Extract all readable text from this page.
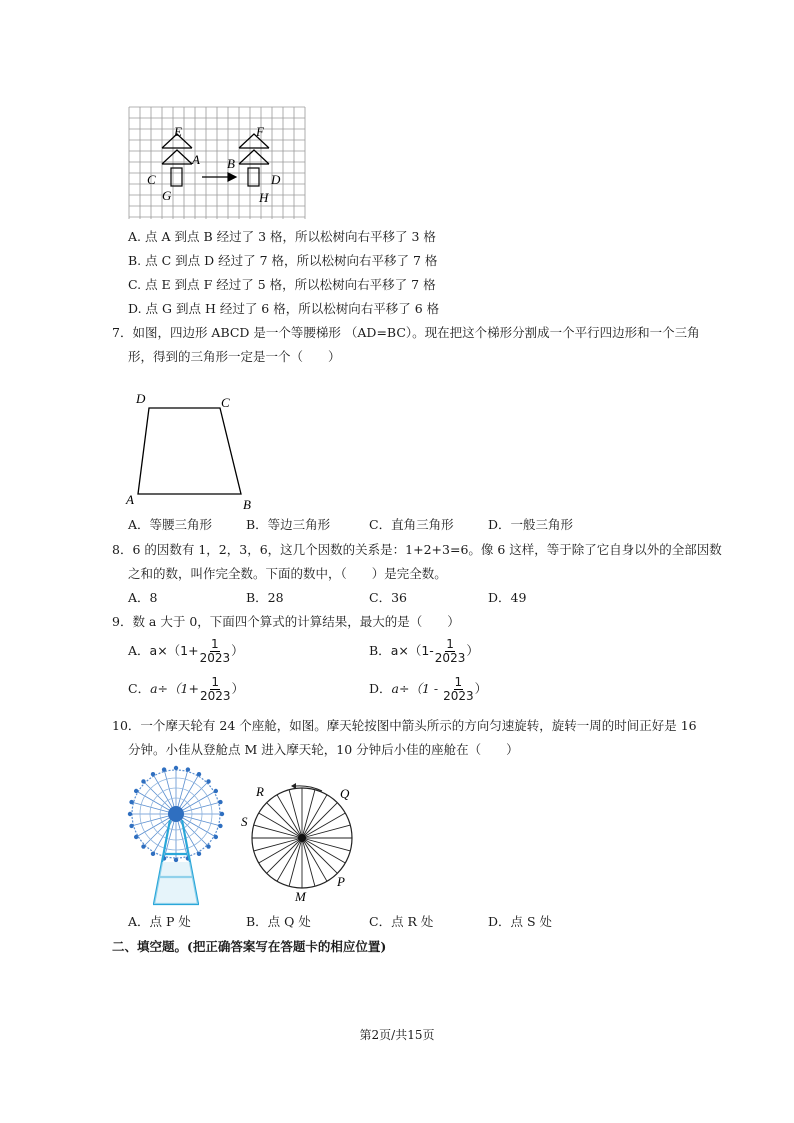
E
A
C
G
F
B
D
H
A. 点 A 到点 B 经过了 3 格，所以松树向右平移了 3 格
B. 点 C 到点 D 经过了 7 格，所以松树向右平移了 7 格
C. 点 E 到点 F 经过了 5 格，所以松树向右平移了 7 格
D. 点 G 到点 H 经过了 6 格，所以松树向右平移了 6 格
7．如图，四边形 ABCD 是一个等腰梯形 （AD=BC）。现在把这个梯形分割成一个平行四边形和一个三角
形，得到的三角形一定是一个（　　）
D	C
A	B
A．等腰三角形	B．等边三角形	C．直角三角形	D．一般三角形
8．6 的因数有 1，2，3，6，这几个因数的关系是：1+2+3=6。像 6 这样，等于除了它自身以外的全部因数
之和的数，叫作完全数。下面的数中，（　　）是完全数。
A．8	B．28	C．36	D．49
9．数 a 大于 0，下面四个算式的计算结果，最大的是（　　）
A．$a\times(1+ \frac{1}{2023}$ ）	B．$a\times(1- \frac{1}{2023}$ ）
C．$a\div(1+ \frac{1}{2023}$ ）	D．$a\div(1 - \frac{1}{2023}$ ）
10．一个摩天轮有 24 个座舱，如图。摩天轮按图中箭头所示的方向匀速旋转，旋转一周的时间正好是 16
分钟。小佳从登舱点 M 进入摩天轮，10 分钟后小佳的座舱在（　　）
R	Q
S
M
P
A．点 P 处	B．点 Q 处	C．点 R 处	D．点 S 处
二、填空题。(把正确答案写在答题卡的相应位置)
第2页/共15页
